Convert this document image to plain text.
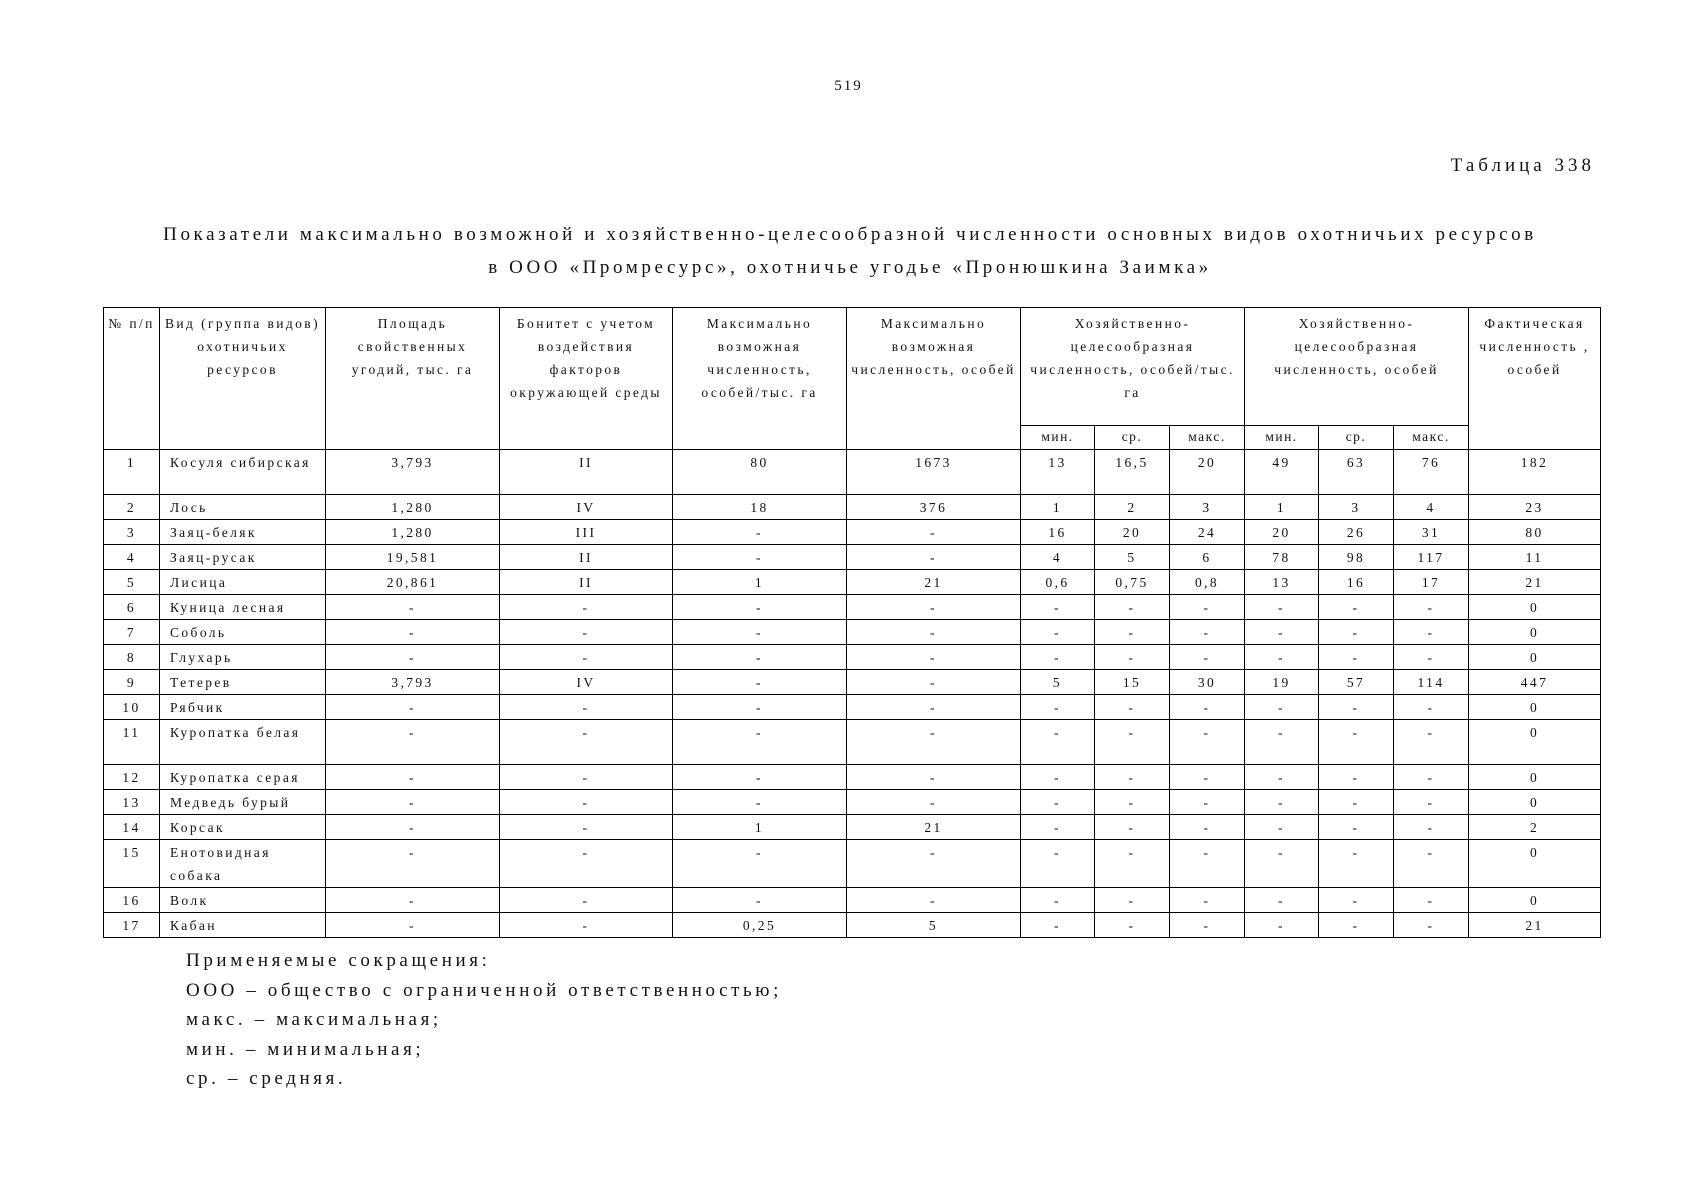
519
Таблица 338
Показатели максимально возможной и хозяйственно-целесообразной численности основных видов охотничьих ресурсов
в ООО «Промресурс», охотничье угодье «Пронюшкина Заимка»
№ п/п	Вид (группа видов) охотничьих ресурсов	Площадь свойственных угодий, тыс. га	Бонитет с учетом воздействия факторов окружающей среды	Максимально возможная численность, особей/тыс. га	Максимально возможная численность, особей	Хозяйственно-целесообразная численность, особей/тыс. га			Хозяйственно-целесообразная численность, особей			Фактическая численность , особей
						мин.	ср.	макс.	мин.	ср.	макс.	
1	Косуля сибирская	3,793	II	80	1673	13	16,5	20	49	63	76	182
2	Лось	1,280	IV	18	376	1	2	3	1	3	4	23
3	Заяц-беляк	1,280	III	-	-	16	20	24	20	26	31	80
4	Заяц-русак	19,581	II	-	-	4	5	6	78	98	117	11
5	Лисица	20,861	II	1	21	0,6	0,75	0,8	13	16	17	21
6	Куница лесная	-	-	-	-	-	-	-	-	-	-	0
7	Соболь	-	-	-	-	-	-	-	-	-	-	0
8	Глухарь	-	-	-	-	-	-	-	-	-	-	0
9	Тетерев	3,793	IV	-	-	5	15	30	19	57	114	447
10	Рябчик	-	-	-	-	-	-	-	-	-	-	0
11	Куропатка белая	-	-	-	-	-	-	-	-	-	-	0
12	Куропатка серая	-	-	-	-	-	-	-	-	-	-	0
13	Медведь бурый	-	-	-	-	-	-	-	-	-	-	0
14	Корсак	-	-	1	21	-	-	-	-	-	-	2
15	Енотовидная собака	-	-	-	-	-	-	-	-	-	-	0
16	Волк	-	-	-	-	-	-	-	-	-	-	0
17	Кабан	-	-	0,25	5	-	-	-	-	-	-	21
Применяемые сокращения:
ООО – общество с ограниченной ответственностью;
макс. – максимальная;
мин. – минимальная;
ср. – средняя.
